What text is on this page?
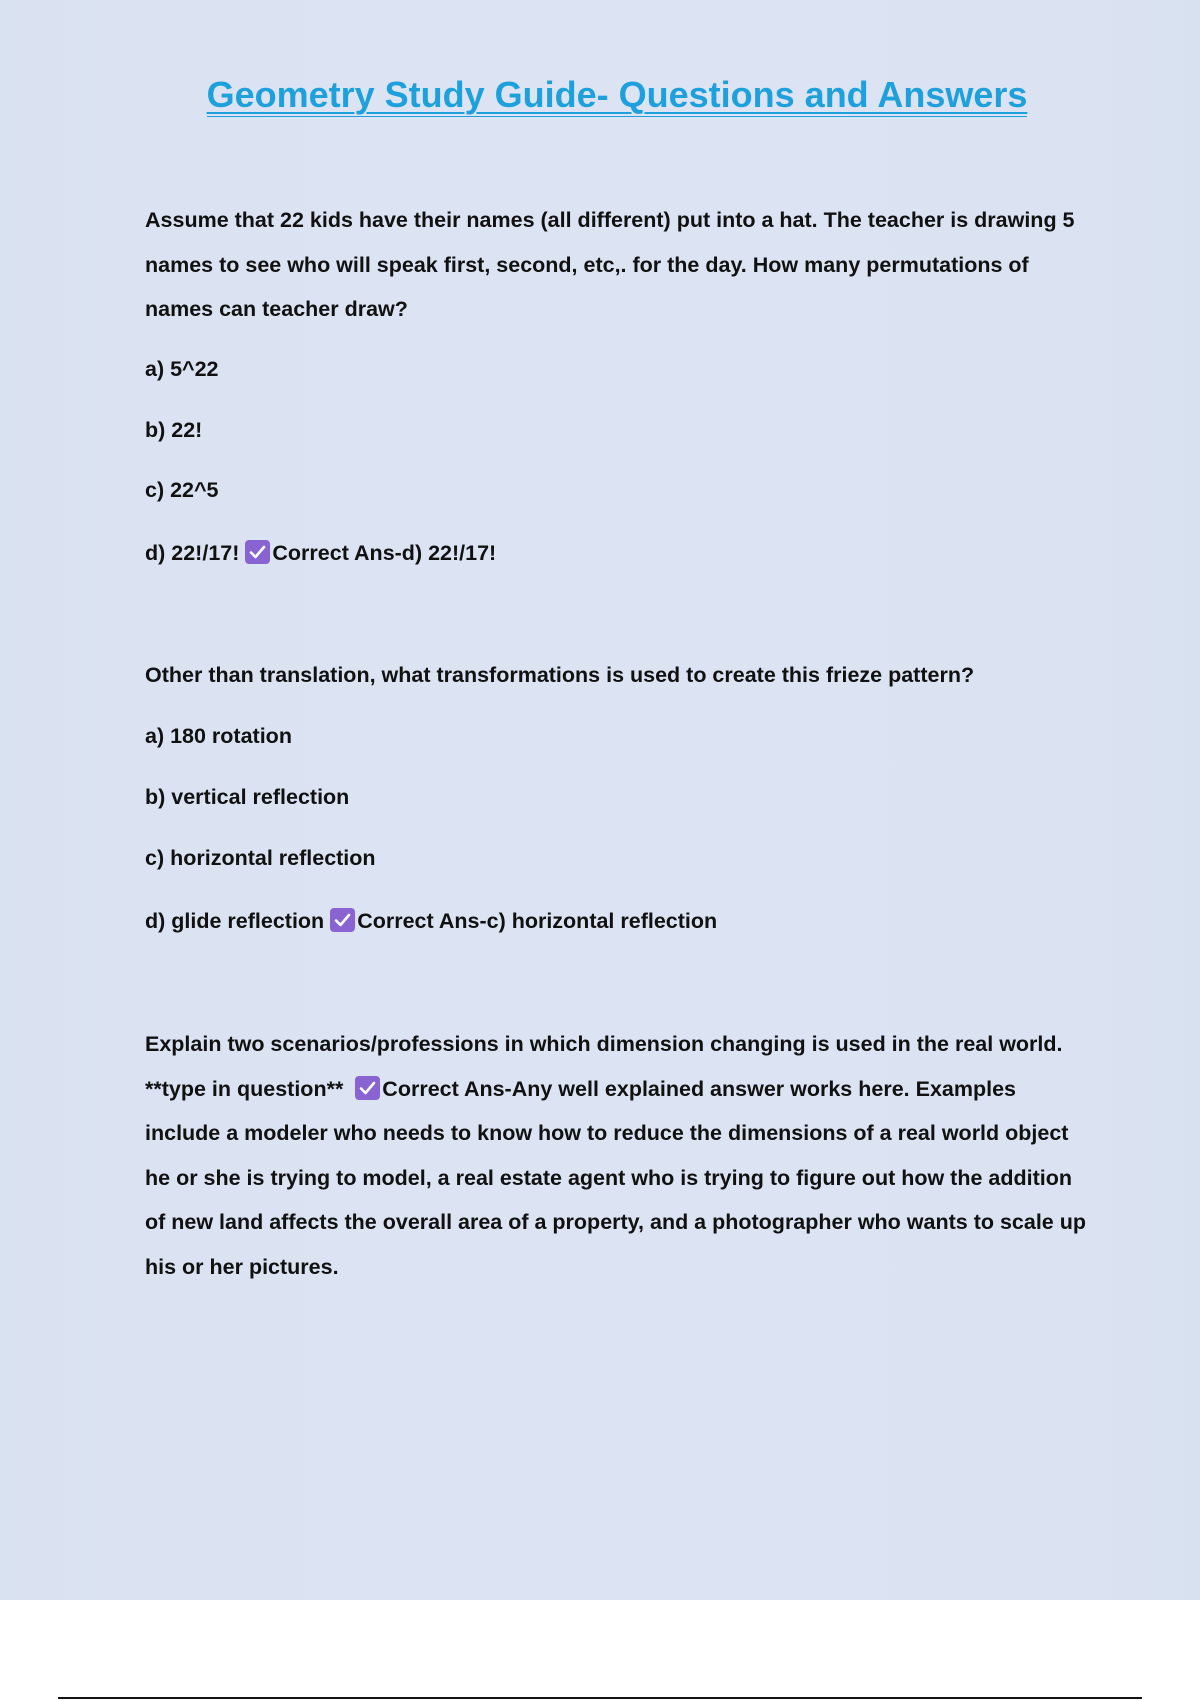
Geometry Study Guide- Questions and Answers

Assume that 22 kids have their names (all different) put into a hat. The teacher is drawing 5 names to see who will speak first, second, etc,. for the day. How many permutations of names can teacher draw?

a) 5^22

b) 22!

c) 22^5

d) 22!/17! Correct Ans-d) 22!/17!

Other than translation, what transformations is used to create this frieze pattern?

a) 180 rotation

b) vertical reflection

c) horizontal reflection

d) glide reflection Correct Ans-c) horizontal reflection

Explain two scenarios/professions in which dimension changing is used in the real world. **type in question** Correct Ans-Any well explained answer works here. Examples include a modeler who needs to know how to reduce the dimensions of a real world object he or she is trying to model, a real estate agent who is trying to figure out how the addition of new land affects the overall area of a property, and a photographer who wants to scale up his or her pictures.
